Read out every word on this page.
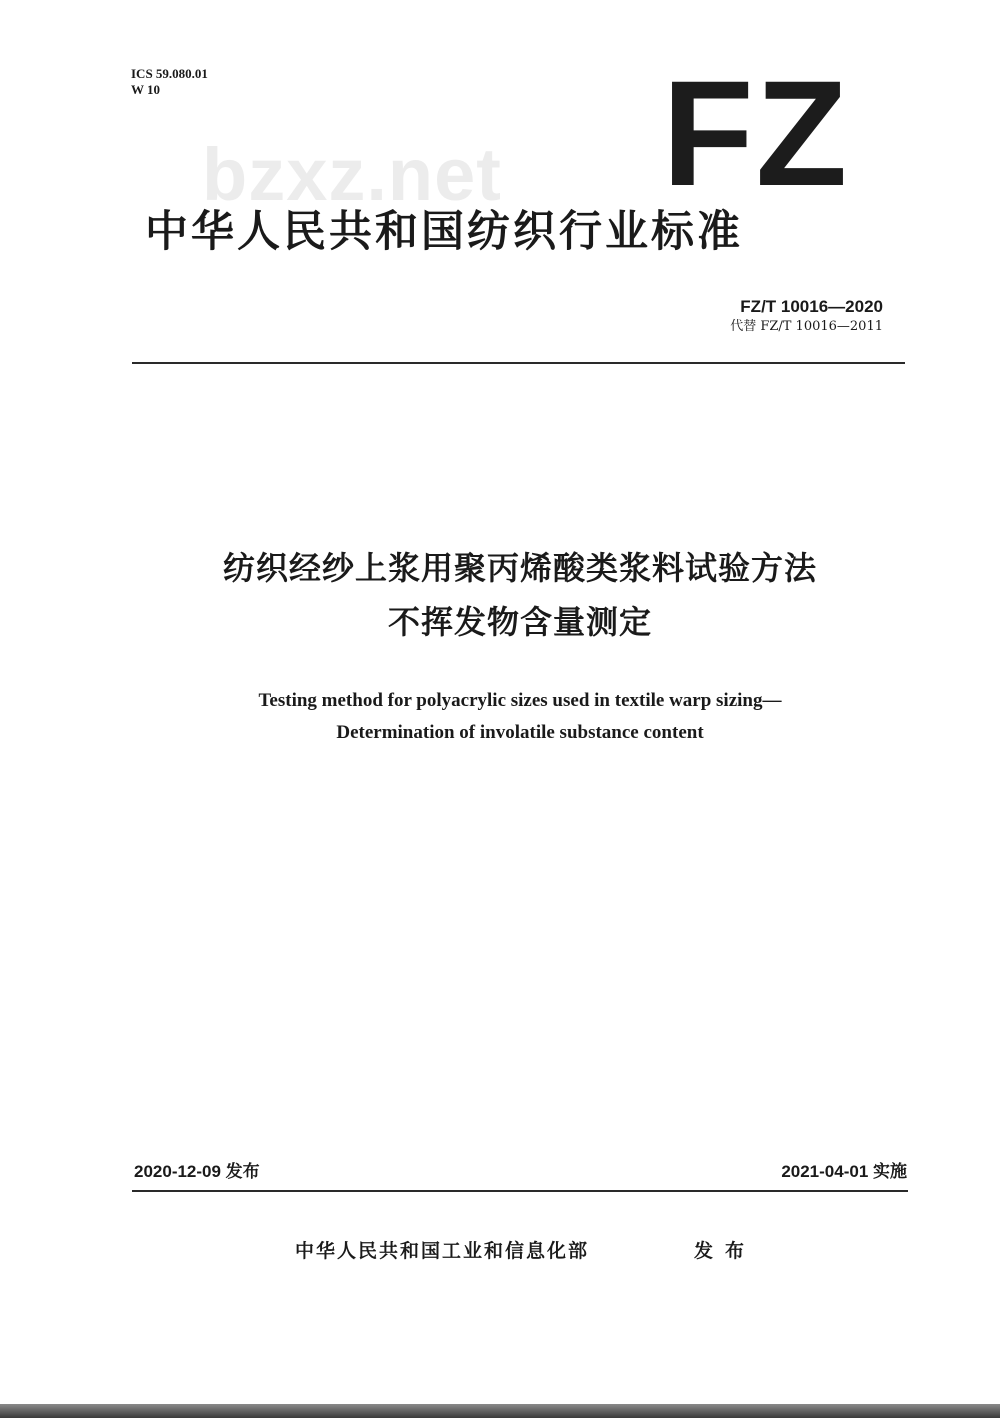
ICS 59.080.01
W 10
bzxz.net FZ
中华人民共和国纺织行业标准
FZ/T 10016—2020
代替 FZ/T 10016—2011
纺织经纱上浆用聚丙烯酸类浆料试验方法
不挥发物含量测定
Testing method for polyacrylic sizes used in textile warp sizing—
Determination of involatile substance content
2020-12-09 发布	2021-04-01 实施
中华人民共和国工业和信息化部	发布
